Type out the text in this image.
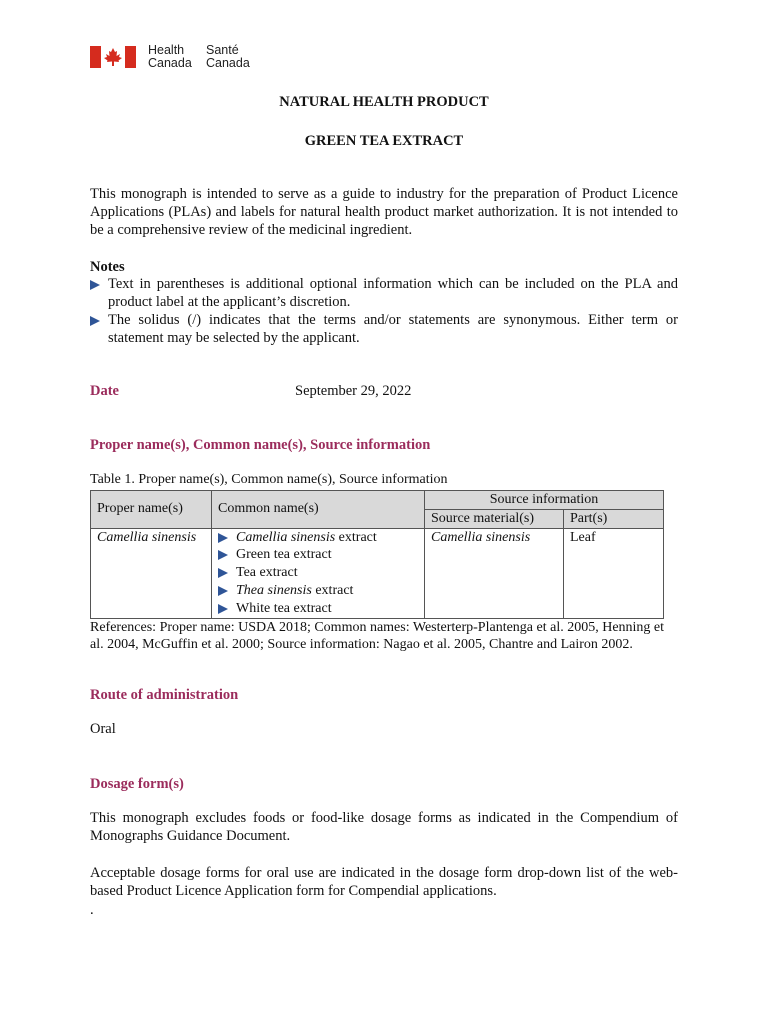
Health
Canada
Santé
Canada
NATURAL HEALTH PRODUCT
GREEN TEA EXTRACT
This monograph is intended to serve as a guide to industry for the preparation of Product Licence Applications (PLAs) and labels for natural health product market authorization. It is not intended to be a comprehensive review of the medicinal ingredient.
Notes
Text in parentheses is additional optional information which can be included on the PLA and product label at the applicant’s discretion.
The solidus (/) indicates that the terms and/or statements are synonymous. Either term or statement may be selected by the applicant.
Date	September 29, 2022
Proper name(s), Common name(s), Source information
Table 1. Proper name(s), Common name(s), Source information
Proper name(s)	Common name(s)	Source information	
		Source material(s)	Part(s)
Camellia sinensis	Camellia sinensis extract
Green tea extract
Tea extract
Thea sinensis extract
White tea extract	Camellia sinensis	Leaf
References: Proper name: USDA 2018; Common names: Westerterp-Plantenga et al. 2005, Henning et al. 2004, McGuffin et al. 2000; Source information: Nagao et al. 2005, Chantre and Lairon 2002.
Route of administration
Oral
Dosage form(s)
This monograph excludes foods or food-like dosage forms as indicated in the Compendium of Monographs Guidance Document.
Acceptable dosage forms for oral use are indicated in the dosage form drop-down list of the web-based Product Licence Application form for Compendial applications.
.
